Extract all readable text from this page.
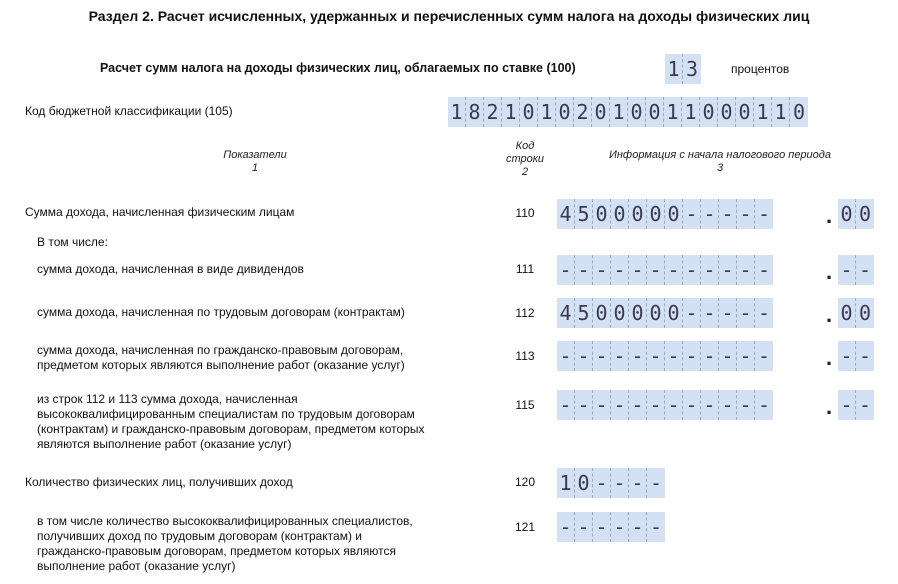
Раздел 2. Расчет исчисленных, удержанных и перечисленных сумм налога на доходы физических лиц
Расчет сумм налога на доходы физических лиц, облагаемых по ставке (100)	1 3	процентов
Код бюджетной классификации (105)	1 8 2 1 0 1 0 2 0 1 0 0 1 1 0 0 0 1 1 0
Показатели
1
Код
строки
2
Информация с начала налогового периода
3
Сумма дохода, начисленная физическим лицам	110	4 5 0 0 0 0 0 - - - - -	. 0 0
В том числе:
сумма дохода, начисленная в виде дивидендов	111	- - - - - - - - - - - -	. - -
сумма дохода, начисленная по трудовым договорам (контрактам)	112	4 5 0 0 0 0 0 - - - - -	. 0 0
сумма дохода, начисленная по гражданско-правовым договорам,
предметом которых являются выполнение работ (оказание услуг)
113	- - - - - - - - - - - -	. - -
из строк 112 и 113 сумма дохода, начисленная
высококвалифицированным специалистам по трудовым договорам
(контрактам) и гражданско-правовым договорам, предметом которых
являются выполнение работ (оказание услуг)
115	- - - - - - - - - - - -	. - -
Количество физических лиц, получивших доход	120	1 0 - - - -
в том числе количество высококвалифицированных специалистов,
получивших доход по трудовым договорам (контрактам) и
гражданско-правовым договорам, предметом которых являются
выполнение работ (оказание услуг)
121	- - - - - -
